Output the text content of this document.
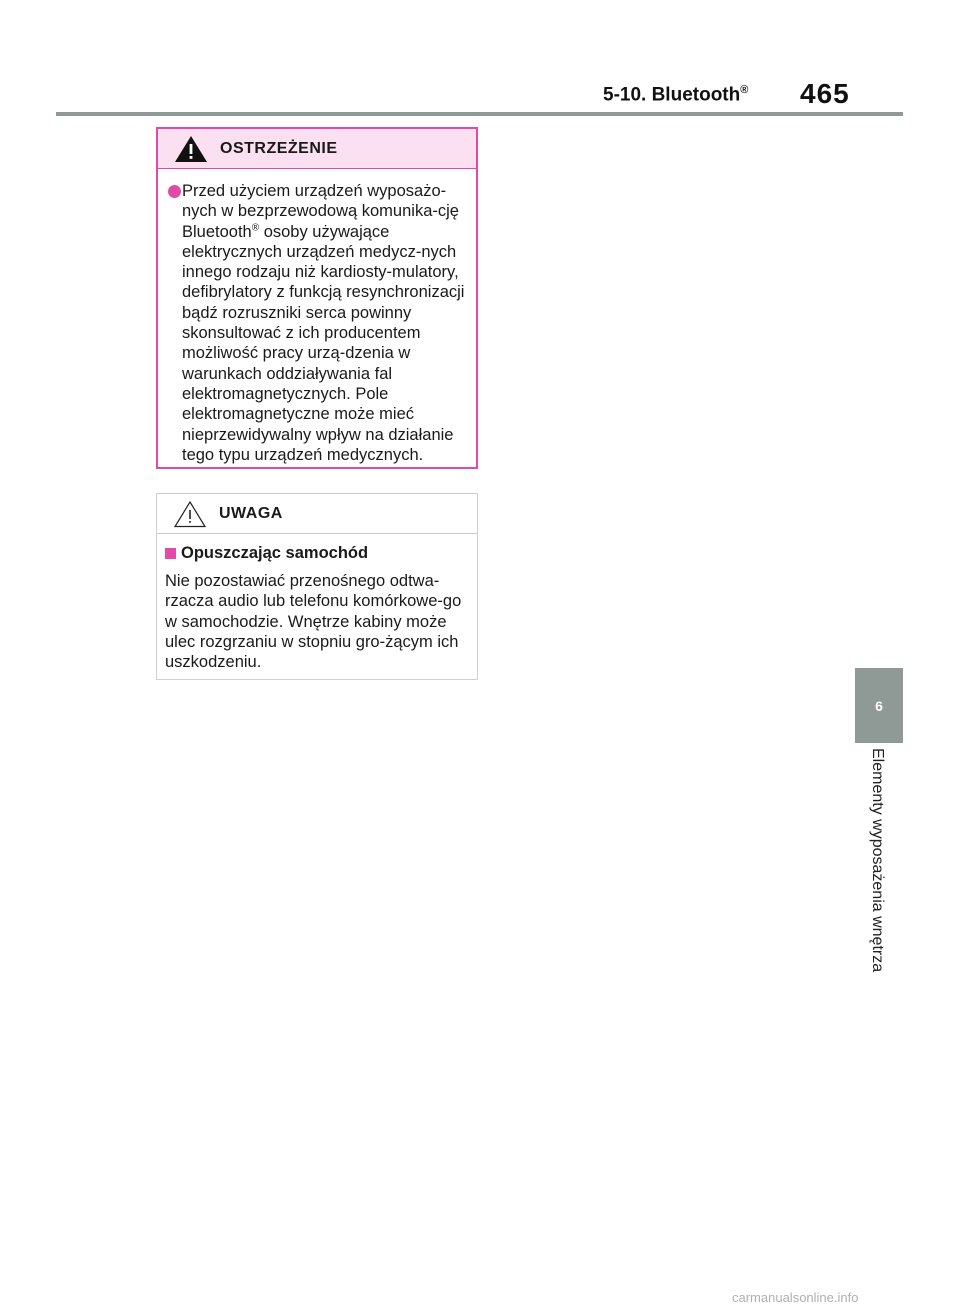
5-10. Bluetooth® 465
OSTRZEŻENIE

Przed użyciem urządzeń wyposażo-nych w bezprzewodową komunika-cję Bluetooth® osoby używające elektrycznych urządzeń medycz-nych innego rodzaju niż kardiosty-mulatory, defibrylatory z funkcją resynchronizacji bądź rozruszniki serca powinny skonsultować z ich producentem możliwość pracy urzą-dzenia w warunkach oddziaływania fal elektromagnetycznych. Pole elektromagnetyczne może mieć nieprzewidywalny wpływ na działanie tego typu urządzeń medycznych.

UWAGA
Opuszczając samochód
Nie pozostawiać przenośnego odtwa-rzacza audio lub telefonu komórkowe-go w samochodzie. Wnętrze kabiny może ulec rozgrzaniu w stopniu gro-żącym ich uszkodzeniu.
6
Elementy wyposażenia wnętrza
carmanualsonline.info
